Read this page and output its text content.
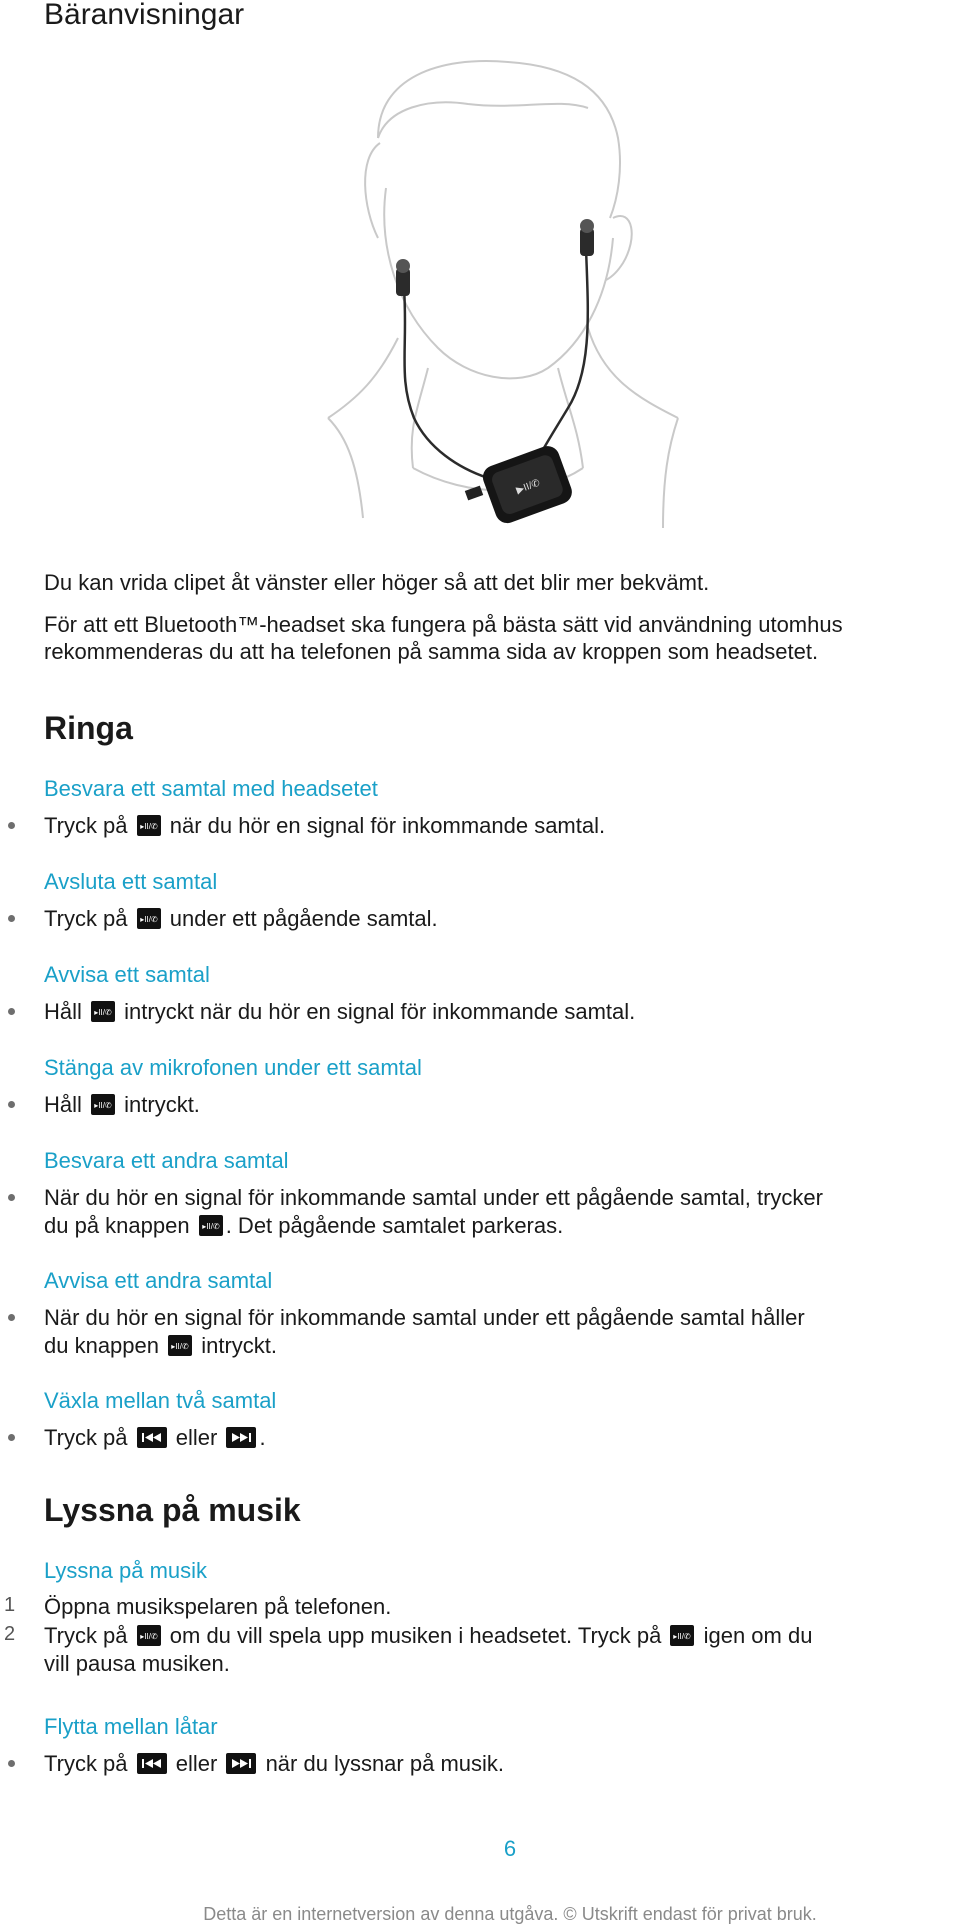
Bäranvisningar
▶II/✆
Du kan vrida clipet åt vänster eller höger så att det blir mer bekvämt.
För att ett Bluetooth™-headset ska fungera på bästa sätt vid användning utomhus
rekommenderas du att ha telefonen på samma sida av kroppen som headsetet.
Ringa
Besvara ett samtal med headsetet
Tryck på ▸II/✆ när du hör en signal för inkommande samtal.
Avsluta ett samtal
Tryck på ▸II/✆ under ett pågående samtal.
Avvisa ett samtal
Håll ▸II/✆ intryckt när du hör en signal för inkommande samtal.
Stänga av mikrofonen under ett samtal
Håll ▸II/✆ intryckt.
Besvara ett andra samtal
När du hör en signal för inkommande samtal under ett pågående samtal, trycker
du på knappen ▸II/✆ . Det pågående samtalet parkeras.
Avvisa ett andra samtal
När du hör en signal för inkommande samtal under ett pågående samtal håller
du knappen ▸II/✆ intryckt.
Växla mellan två samtal
Tryck på
eller
.
Lyssna på musik
Lyssna på musik
1 Öppna musikspelaren på telefonen.
2 Tryck på ▸II/✆ om du vill spela upp musiken i headsetet. Tryck på ▸II/✆ igen om du
vill pausa musiken.
Flytta mellan låtar
Tryck på
eller
när du lyssnar på musik.
6
Detta är en internetversion av denna utgåva. © Utskrift endast för privat bruk.
